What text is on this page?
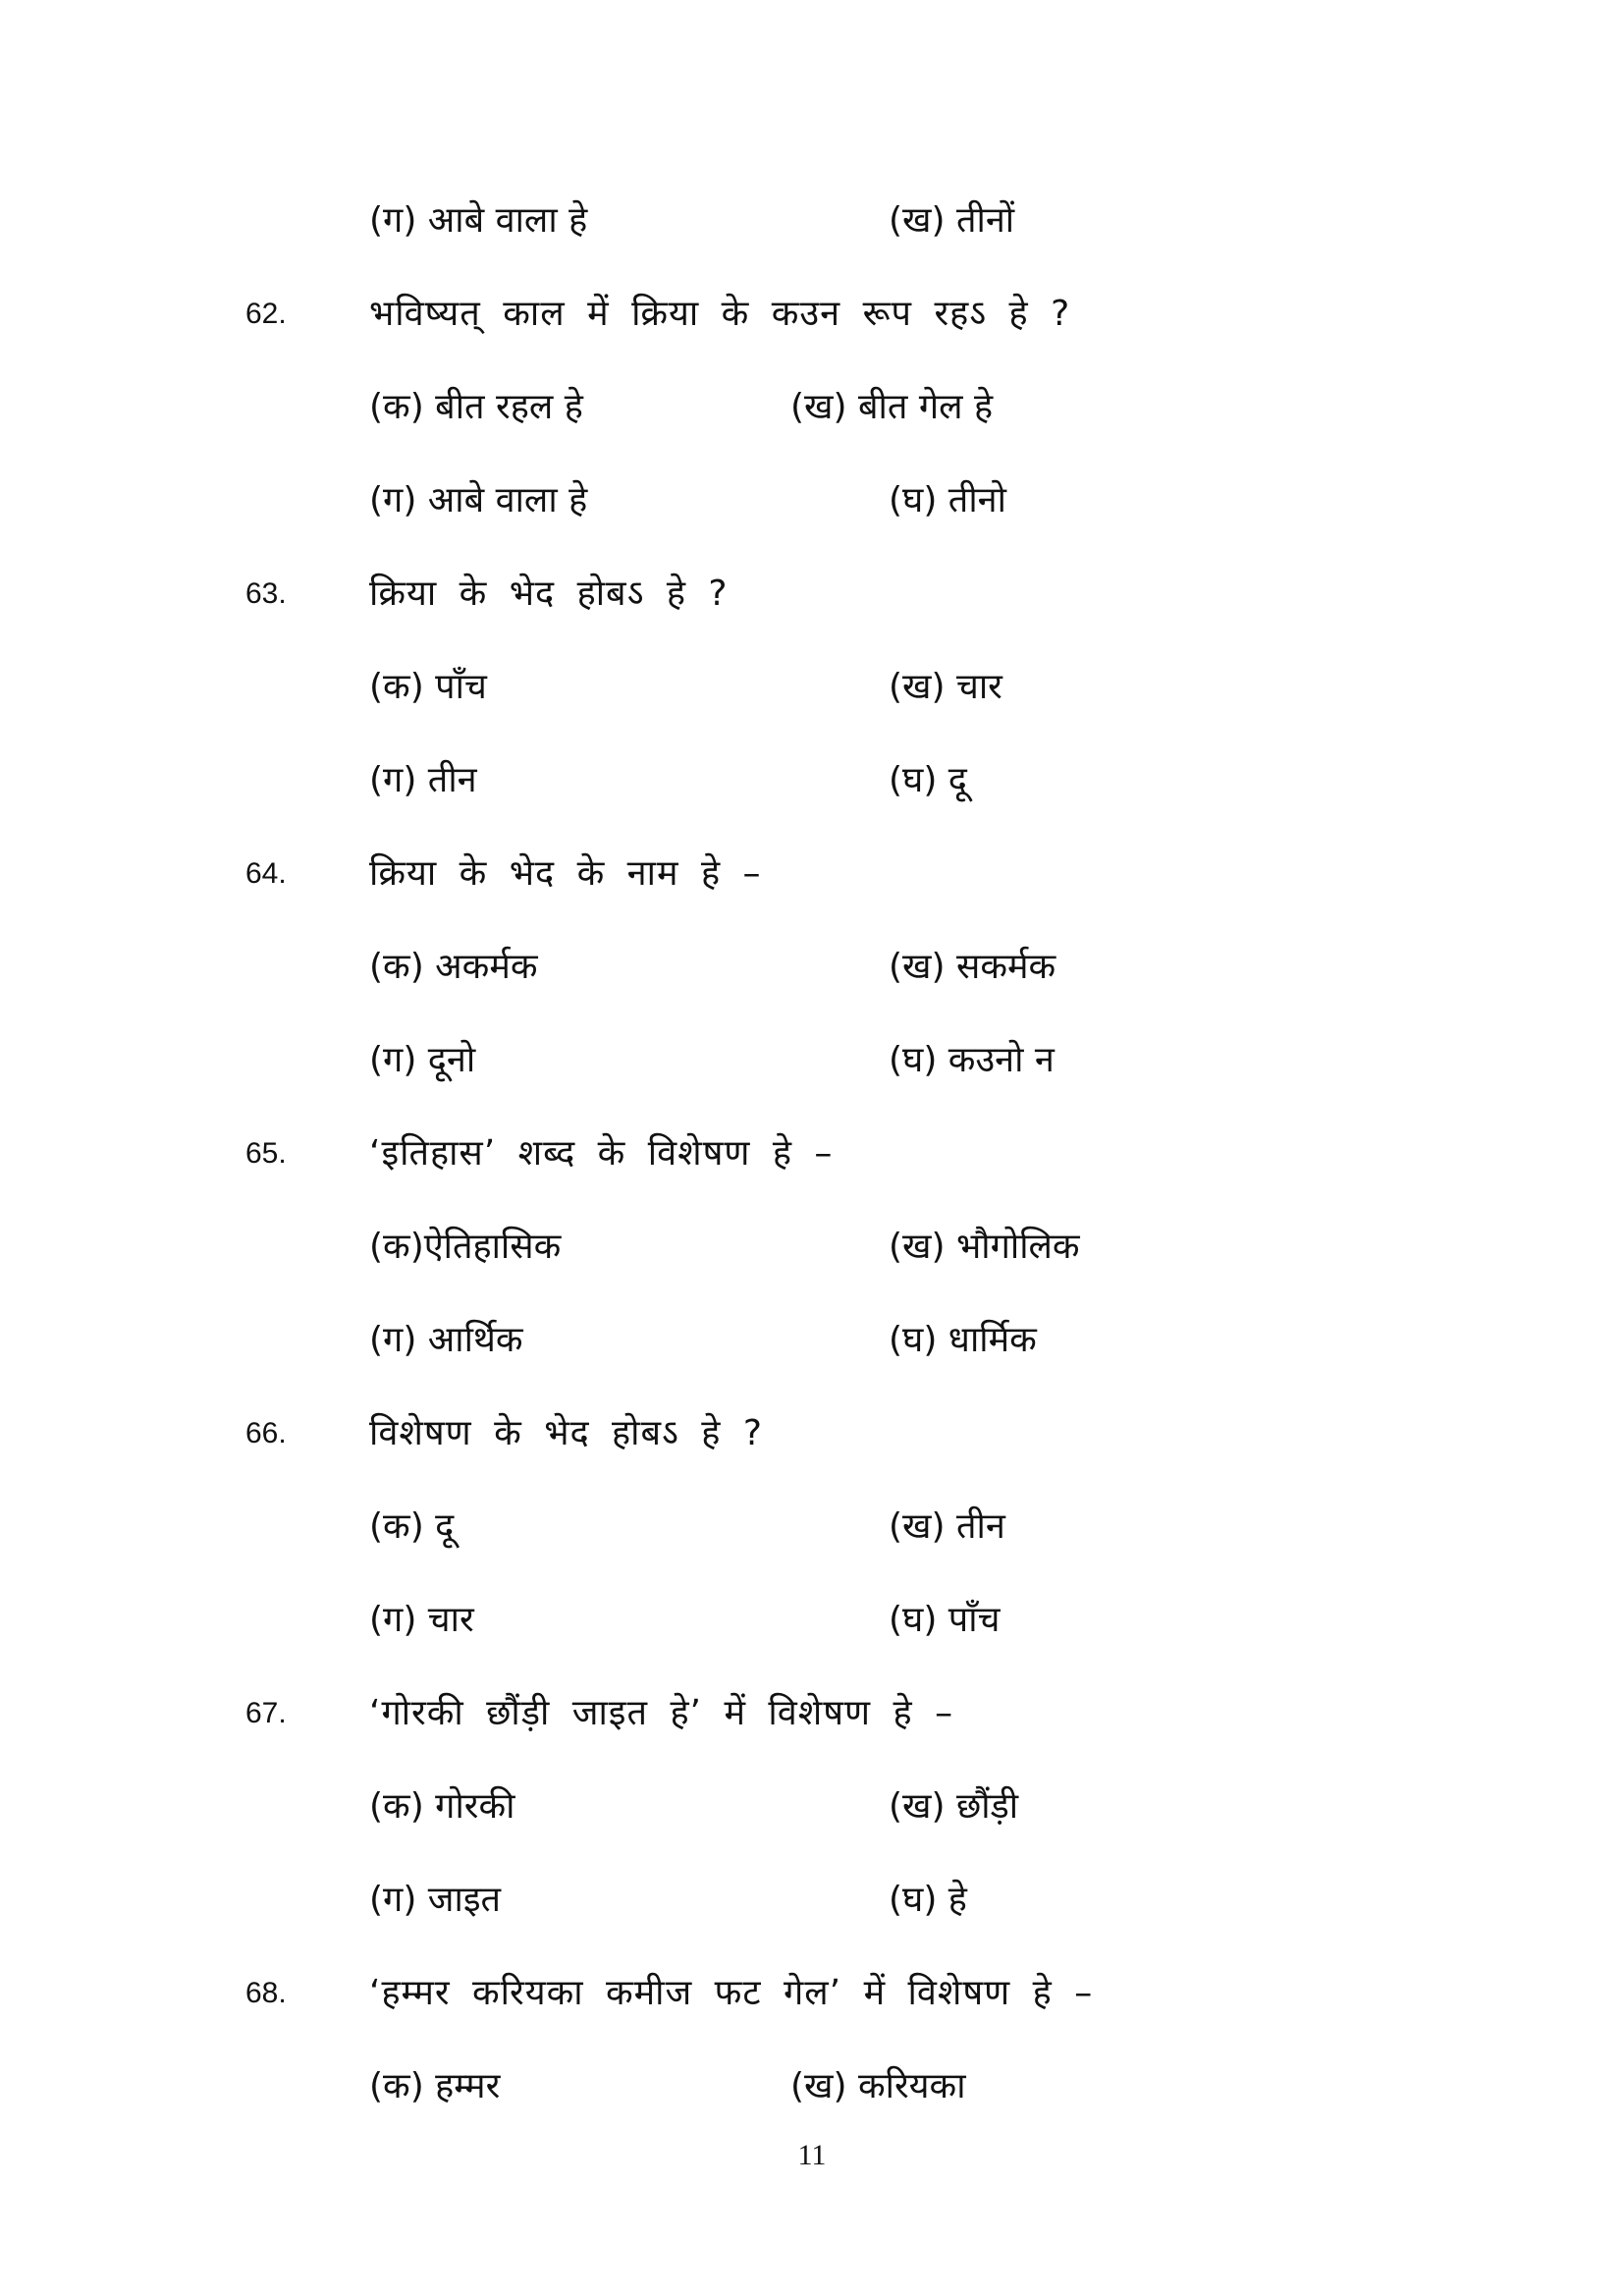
(ग) आबे वाला हे	(ख) तीनों
62. भविष्यत् काल में क्रिया के कउन रूप रहऽ हे ?
(क) बीत रहल हे	(ख) बीत गेल हे
(ग) आबे वाला हे	(घ) तीनो
63. क्रिया के भेद होबऽ हे ?
(क) पाँच	(ख) चार
(ग) तीन	(घ) दू
64. क्रिया के भेद के नाम हे –
(क) अकर्मक	(ख) सकर्मक
(ग) दूनो	(घ) कउनो न
65. ‘इतिहास’ शब्द के विशेषण हे –
(क)ऐतिहासिक	(ख) भौगोलिक
(ग) आर्थिक	(घ) धार्मिक
66. विशेषण के भेद होबऽ हे ?
(क) दू	(ख) तीन
(ग) चार	(घ) पाँच
67. ‘गोरकी छौंड़ी जाइत हे’ में विशेषण हे –
(क) गोरकी	(ख) छौंड़ी
(ग) जाइत	(घ) हे
68. ‘हम्मर करियका कमीज फट गेल’ में विशेषण हे –
(क) हम्मर	(ख) करियका
11
